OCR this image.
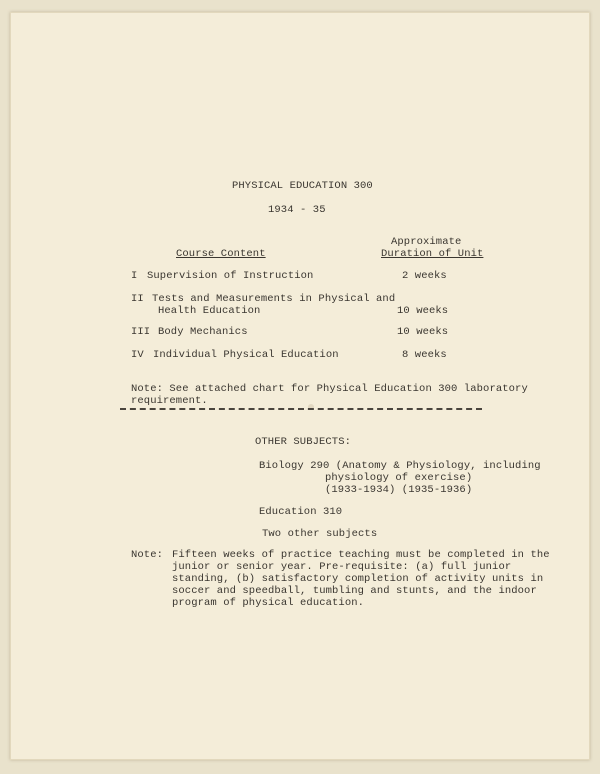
PHYSICAL EDUCATION 300
1934 - 35
Course Content
Approximate
Duration of Unit
I Supervision of Instruction	2 weeks
II Tests and Measurements in Physical and
Health Education	10 weeks
III Body Mechanics	10 weeks
IV Individual Physical Education	8 weeks
Note: See attached chart for Physical Education 300 laboratory
requirement.
OTHER SUBJECTS:
Biology 290 (Anatomy & Physiology, including
physiology of exercise)
(1933-1934) (1935-1936)
Education 310
Two other subjects
Note: Fifteen weeks of practice teaching must be completed in the
junior or senior year. Pre-requisite: (a) full junior
standing, (b) satisfactory completion of activity units in
soccer and speedball, tumbling and stunts, and the indoor
program of physical education.
